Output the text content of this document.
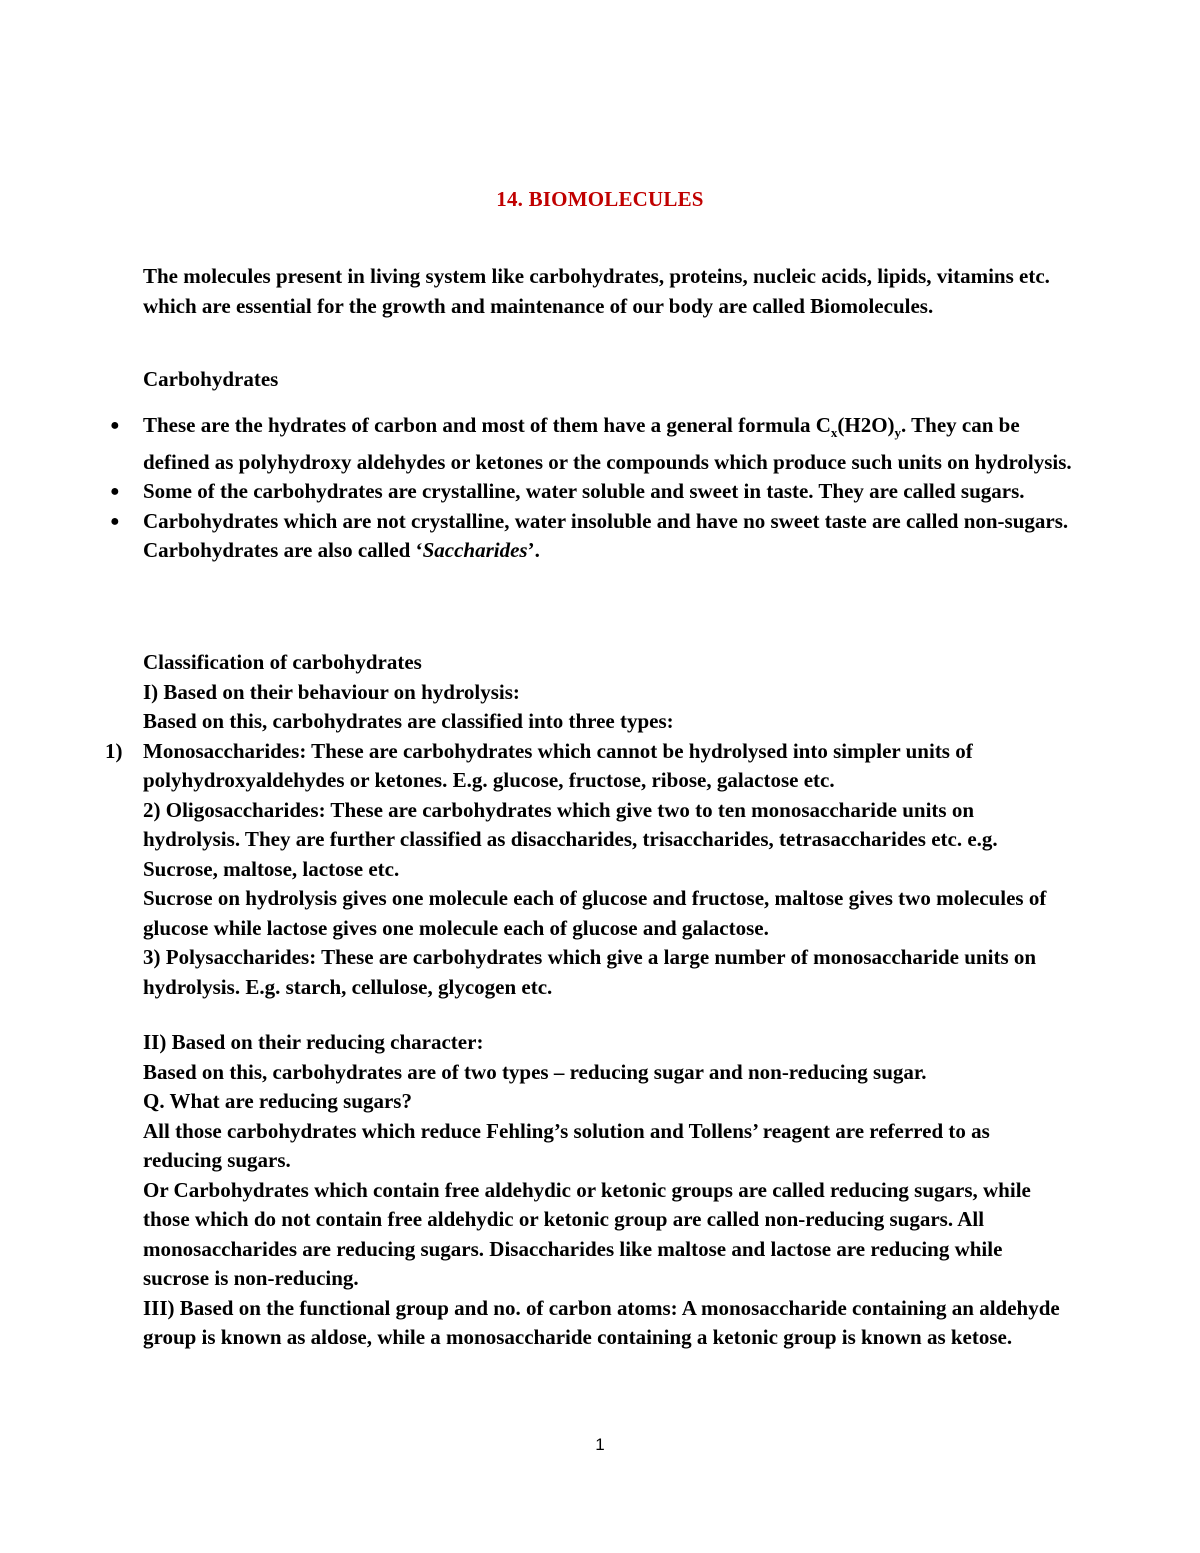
14. BIOMOLECULES
The molecules present in living system like carbohydrates, proteins, nucleic acids, lipids, vitamins etc. which are essential for the growth and maintenance of our body are called Biomolecules.
Carbohydrates
● These are the hydrates of carbon and most of them have a general formula $C_x(H2O)_y$. They can be defined as polyhydroxy aldehydes or ketones or the compounds which produce such units on hydrolysis.
● Some of the carbohydrates are crystalline, water soluble and sweet in taste. They are called sugars.
● Carbohydrates which are not crystalline, water insoluble and have no sweet taste are called non-sugars. Carbohydrates are also called ‘Saccharides’.
Classification of carbohydrates
I) Based on their behaviour on hydrolysis:
Based on this, carbohydrates are classified into three types:
Monosaccharides: These are carbohydrates which cannot be hydrolysed into simpler units of polyhydroxyaldehydes or ketones. E.g. glucose, fructose, ribose, galactose etc.
2) Oligosaccharides: These are carbohydrates which give two to ten monosaccharide units on hydrolysis. They are further classified as disaccharides, trisaccharides, tetrasaccharides etc. e.g. Sucrose, maltose, lactose etc.
Sucrose on hydrolysis gives one molecule each of glucose and fructose, maltose gives two molecules of glucose while lactose gives one molecule each of glucose and galactose.
3) Polysaccharides: These are carbohydrates which give a large number of monosaccharide units on hydrolysis. E.g. starch, cellulose, glycogen etc.
1)
II) Based on their reducing character:
Based on this, carbohydrates are of two types – reducing sugar and non-reducing sugar.
Q. What are reducing sugars?
All those carbohydrates which reduce Fehling’s solution and Tollens’ reagent are referred to as reducing sugars.
Or Carbohydrates which contain free aldehydic or ketonic groups are called reducing sugars, while those which do not contain free aldehydic or ketonic group are called non-reducing sugars. All monosaccharides are reducing sugars. Disaccharides like maltose and lactose are reducing while sucrose is non-reducing.
III) Based on the functional group and no. of carbon atoms: A monosaccharide containing an aldehyde group is known as aldose, while a monosaccharide containing a ketonic group is known as ketose.
1
